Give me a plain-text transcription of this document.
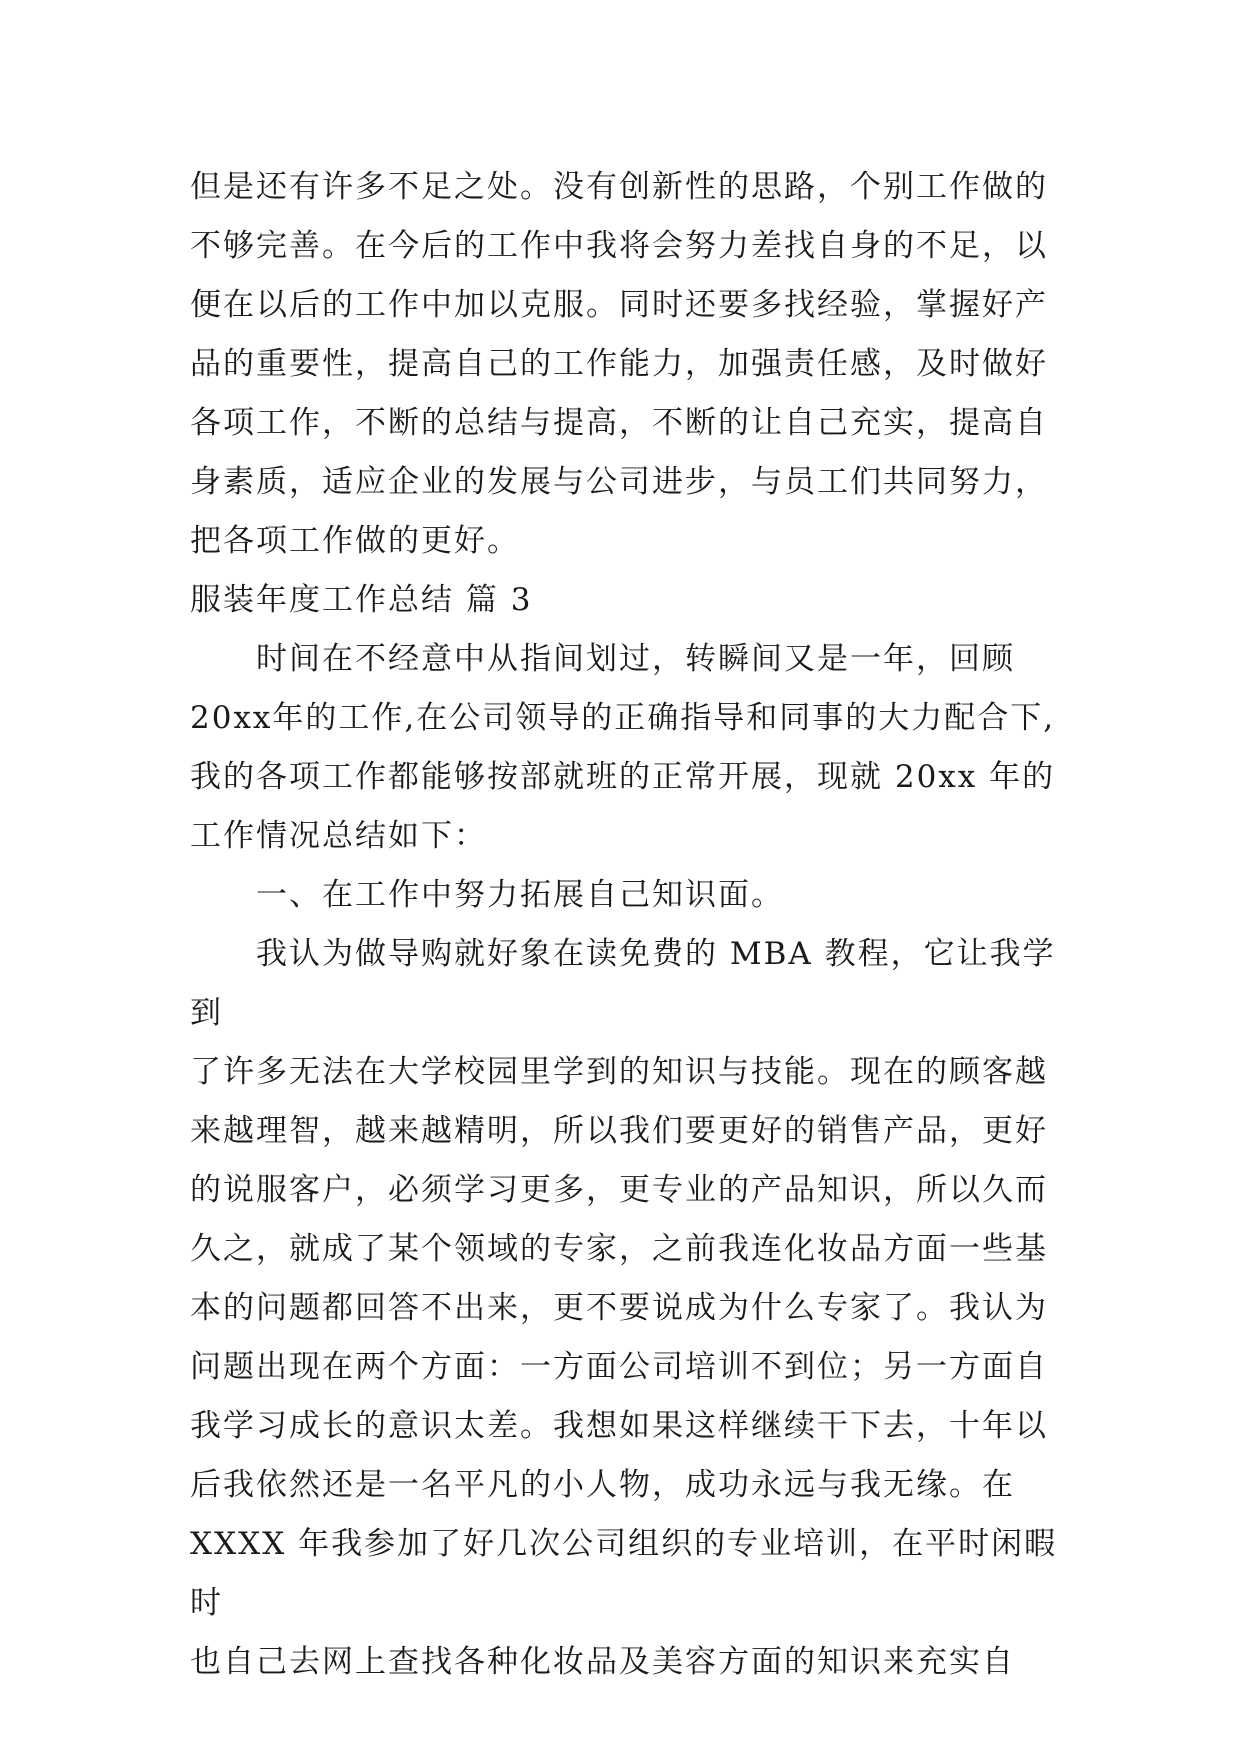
但是还有许多不足之处。没有创新性的思路，个别工作做的
不够完善。在今后的工作中我将会努力差找自身的不足，以
便在以后的工作中加以克服。同时还要多找经验，掌握好产
品的重要性，提高自己的工作能力，加强责任感，及时做好
各项工作，不断的总结与提高，不断的让自己充实，提高自
身素质，适应企业的发展与公司进步，与员工们共同努力，
把各项工作做的更好。

服装年度工作总结 篇 3

时间在不经意中从指间划过，转瞬间又是一年，回顾
20xx年的工作,在公司领导的正确指导和同事的大力配合下,
我的各项工作都能够按部就班的正常开展，现就 20xx 年的
工作情况总结如下：

一、在工作中努力拓展自己知识面。

我认为做导购就好象在读免费的 MBA 教程，它让我学到
了许多无法在大学校园里学到的知识与技能。现在的顾客越
来越理智，越来越精明，所以我们要更好的销售产品，更好
的说服客户，必须学习更多，更专业的产品知识，所以久而
久之，就成了某个领域的专家，之前我连化妆品方面一些基
本的问题都回答不出来，更不要说成为什么专家了。我认为
问题出现在两个方面：一方面公司培训不到位；另一方面自
我学习成长的意识太差。我想如果这样继续干下去，十年以
后我依然还是一名平凡的小人物，成功永远与我无缘。在
XXXX 年我参加了好几次公司组织的专业培训，在平时闲暇时
也自己去网上查找各种化妆品及美容方面的知识来充实自
